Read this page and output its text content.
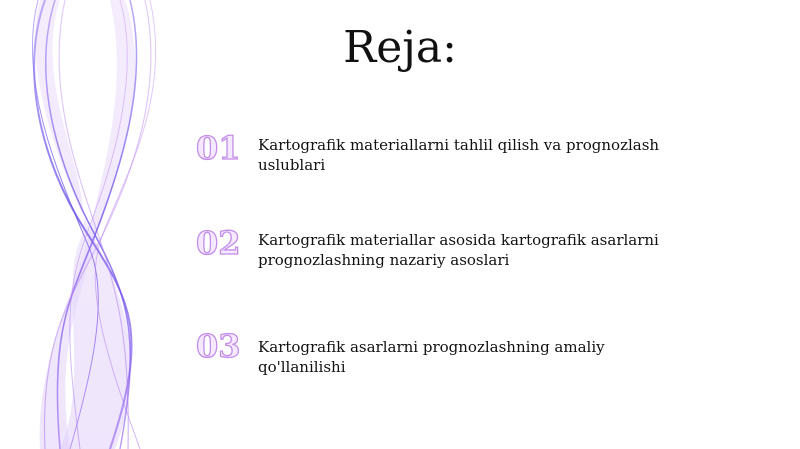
Reja:
01	Kartografik materiallarni tahlil qilish va prognozlash uslublari
02	Kartografik materiallar asosida kartografik asarlarni prognozlashning nazariy asoslari
03	Kartografik asarlarni prognozlashning amaliy qo'llanilishi
